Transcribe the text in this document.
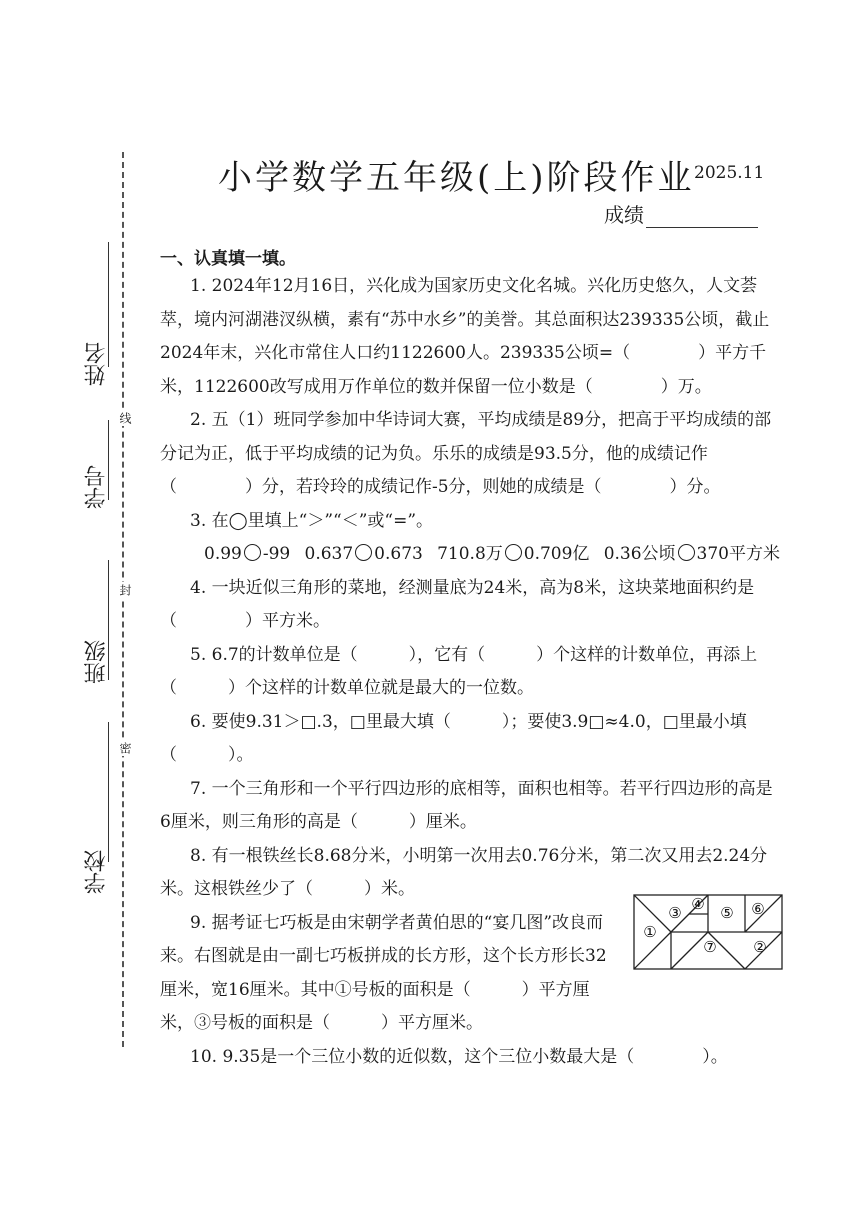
姓名
线
学号
封
班级
密
学校
小学数学五年级(上)阶段作业 2025.11
成绩
一、认真填一填。

1. 2024年12月16日，兴化成为国家历史文化名城。兴化历史悠久，人文荟萃，境内河湖港汊纵横，素有“苏中水乡”的美誉。其总面积达239335公顷，截止2024年末，兴化市常住人口约1122600人。239335公顷=（　　　　）平方千米，1122600改写成用万作单位的数并保留一位小数是（　　　　）万。

2. 五（1）班同学参加中华诗词大赛，平均成绩是89分，把高于平均成绩的部分记为正，低于平均成绩的记为负。乐乐的成绩是93.5分，他的成绩记作（　　　　）分，若玲玲的成绩记作-5分，则她的成绩是（　　　　）分。

3. 在◯里填上“＞”“＜”或“=”。

0.99 -99 0.637 0.673 710.8万 0.709亿 0.36公顷 370平方米

4. 一块近似三角形的菜地，经测量底为24米，高为8米，这块菜地面积约是（　　　　）平方米。

5. 6.7的计数单位是（　　　），它有（　　　）个这样的计数单位，再添上（　　　）个这样的计数单位就是最大的一位数。

6. 要使9.31＞□.3，□里最大填（　　　）；要使3.9□≈4.0，□里最小填（　　　）。

7. 一个三角形和一个平行四边形的底相等，面积也相等。若平行四边形的高是6厘米，则三角形的高是（　　　）厘米。

8. 有一根铁丝长8.68分米，小明第一次用去0.76分米，第二次又用去2.24分米。这根铁丝少了（　　　）米。

9. 据考证七巧板是由宋朝学者黄伯思的“宴几图”改良而来。右图就是由一副七巧板拼成的长方形，这个长方形长32厘米，宽16厘米。其中①号板的面积是（　　　）平方厘米，③号板的面积是（　　　）平方厘米。

10. 9.35是一个三位小数的近似数，这个三位小数最大是（　　　　）。

①
②
③ ④ ⑤ ⑥
⑦
